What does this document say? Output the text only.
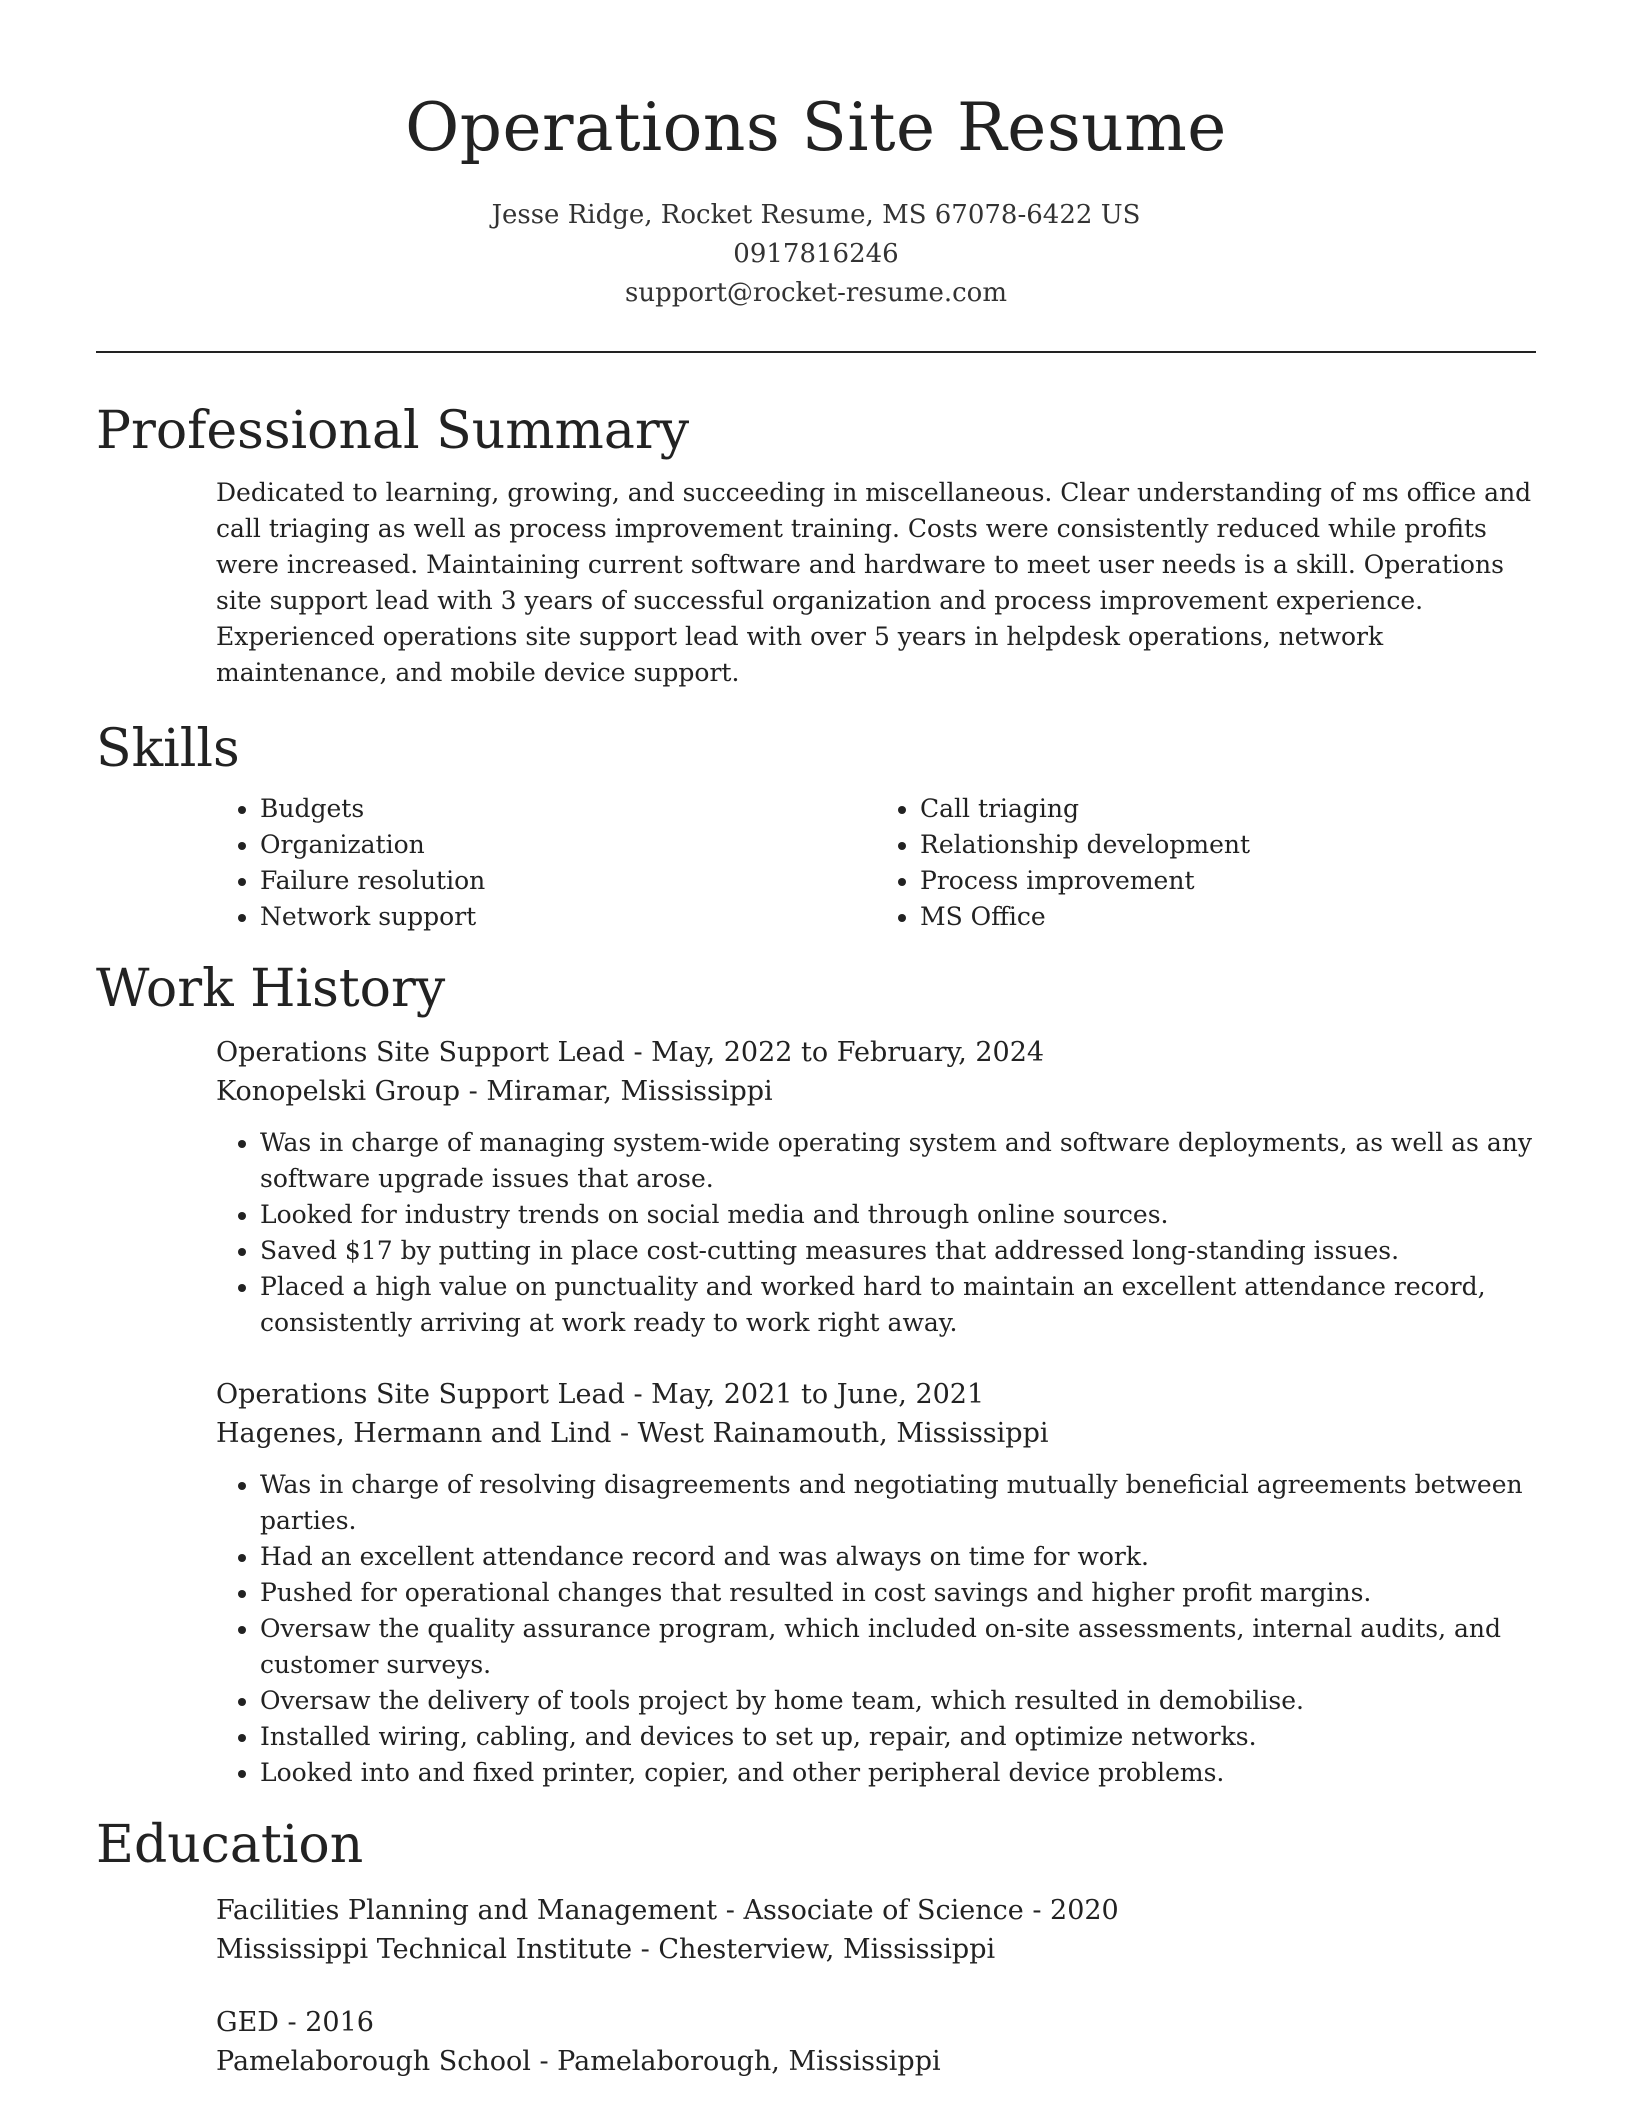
Operations Site Resume
Jesse Ridge, Rocket Resume, MS 67078-6422 US
0917816246
support@rocket-resume.com
Professional Summary

Dedicated to learning, growing, and succeeding in miscellaneous. Clear understanding of ms office and call triaging as well as process improvement training. Costs were consistently reduced while profits were increased. Maintaining current software and hardware to meet user needs is a skill. Operations site support lead with 3 years of successful organization and process improvement experience. Experienced operations site support lead with over 5 years in helpdesk operations, network maintenance, and mobile device support.

Skills
• Budgets
• Organization
• Failure resolution
• Network support
• Call triaging
• Relationship development
• Process improvement
• MS Office
Work History
Operations Site Support Lead - May, 2022 to February, 2024
Konopelski Group - Miramar, Mississippi
• Was in charge of managing system-wide operating system and software deployments, as well as any software upgrade issues that arose.
• Looked for industry trends on social media and through online sources.
• Saved $17 by putting in place cost-cutting measures that addressed long-standing issues.
• Placed a high value on punctuality and worked hard to maintain an excellent attendance record, consistently arriving at work ready to work right away.
Operations Site Support Lead - May, 2021 to June, 2021
Hagenes, Hermann and Lind - West Rainamouth, Mississippi
• Was in charge of resolving disagreements and negotiating mutually beneficial agreements between parties.
• Had an excellent attendance record and was always on time for work.
• Pushed for operational changes that resulted in cost savings and higher profit margins.
• Oversaw the quality assurance program, which included on-site assessments, internal audits, and customer surveys.
• Oversaw the delivery of tools project by home team, which resulted in demobilise.
• Installed wiring, cabling, and devices to set up, repair, and optimize networks.
• Looked into and fixed printer, copier, and other peripheral device problems.
Education
Facilities Planning and Management - Associate of Science - 2020
Mississippi Technical Institute - Chesterview, Mississippi
GED - 2016
Pamelaborough School - Pamelaborough, Mississippi
